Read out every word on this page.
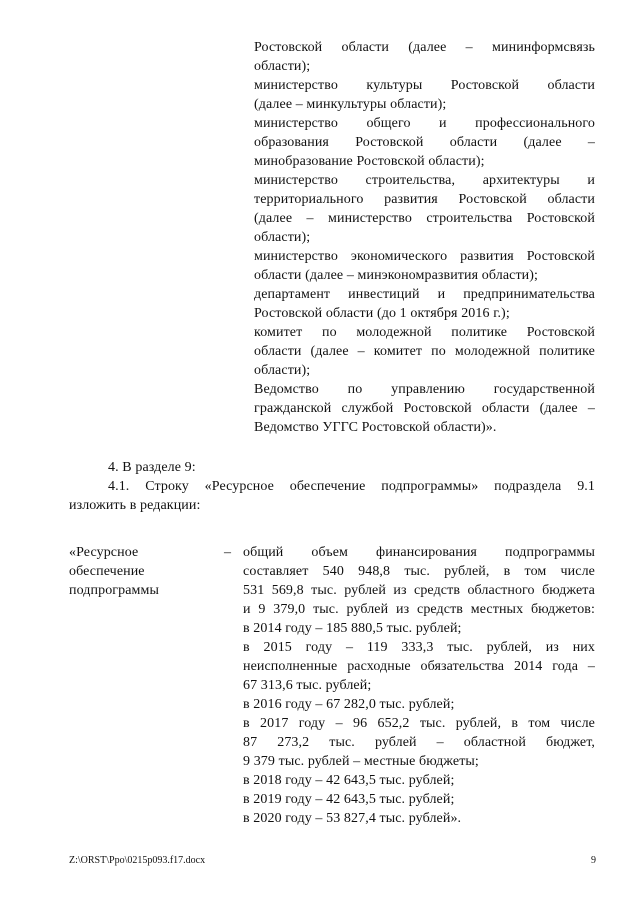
Ростовской области (далее – мининформсвязь
области);
министерство культуры Ростовской области
(далее – минкультуры области);
министерство общего и профессионального
образования Ростовской области (далее –
минобразование Ростовской области);
министерство строительства, архитектуры и
территориального развития Ростовской области
(далее – министерство строительства Ростовской
области);
министерство экономического развития Ростовской
области (далее – минэкономразвития области);
департамент инвестиций и предпринимательства
Ростовской области (до 1 октября 2016 г.);
комитет по молодежной политике Ростовской
области (далее – комитет по молодежной политике
области);
Ведомство по управлению государственной
гражданской службой Ростовской области (далее –
Ведомство УГГС Ростовской области)».
4. В разделе 9:
4.1. Строку «Ресурсное обеспечение подпрограммы» подраздела 9.1
изложить в редакции:
«Ресурсное
обеспечение
подпрограммы
– общий объем финансирования подпрограммы
составляет 540 948,8 тыс. рублей, в том числе
531 569,8 тыс. рублей из средств областного бюджета
и 9 379,0 тыс. рублей из средств местных бюджетов:
в 2014 году – 185 880,5 тыс. рублей;
в 2015 году – 119 333,3 тыс. рублей, из них
неисполненные расходные обязательства 2014 года –
67 313,6 тыс. рублей;
в 2016 году – 67 282,0 тыс. рублей;
в 2017 году – 96 652,2 тыс. рублей, в том числе
87 273,2 тыс. рублей – областной бюджет,
9 379 тыс. рублей – местные бюджеты;
в 2018 году – 42 643,5 тыс. рублей;
в 2019 году – 42 643,5 тыс. рублей;
в 2020 году – 53 827,4 тыс. рублей».
Z:\ORST\Ppo\0215p093.f17.docx	9
